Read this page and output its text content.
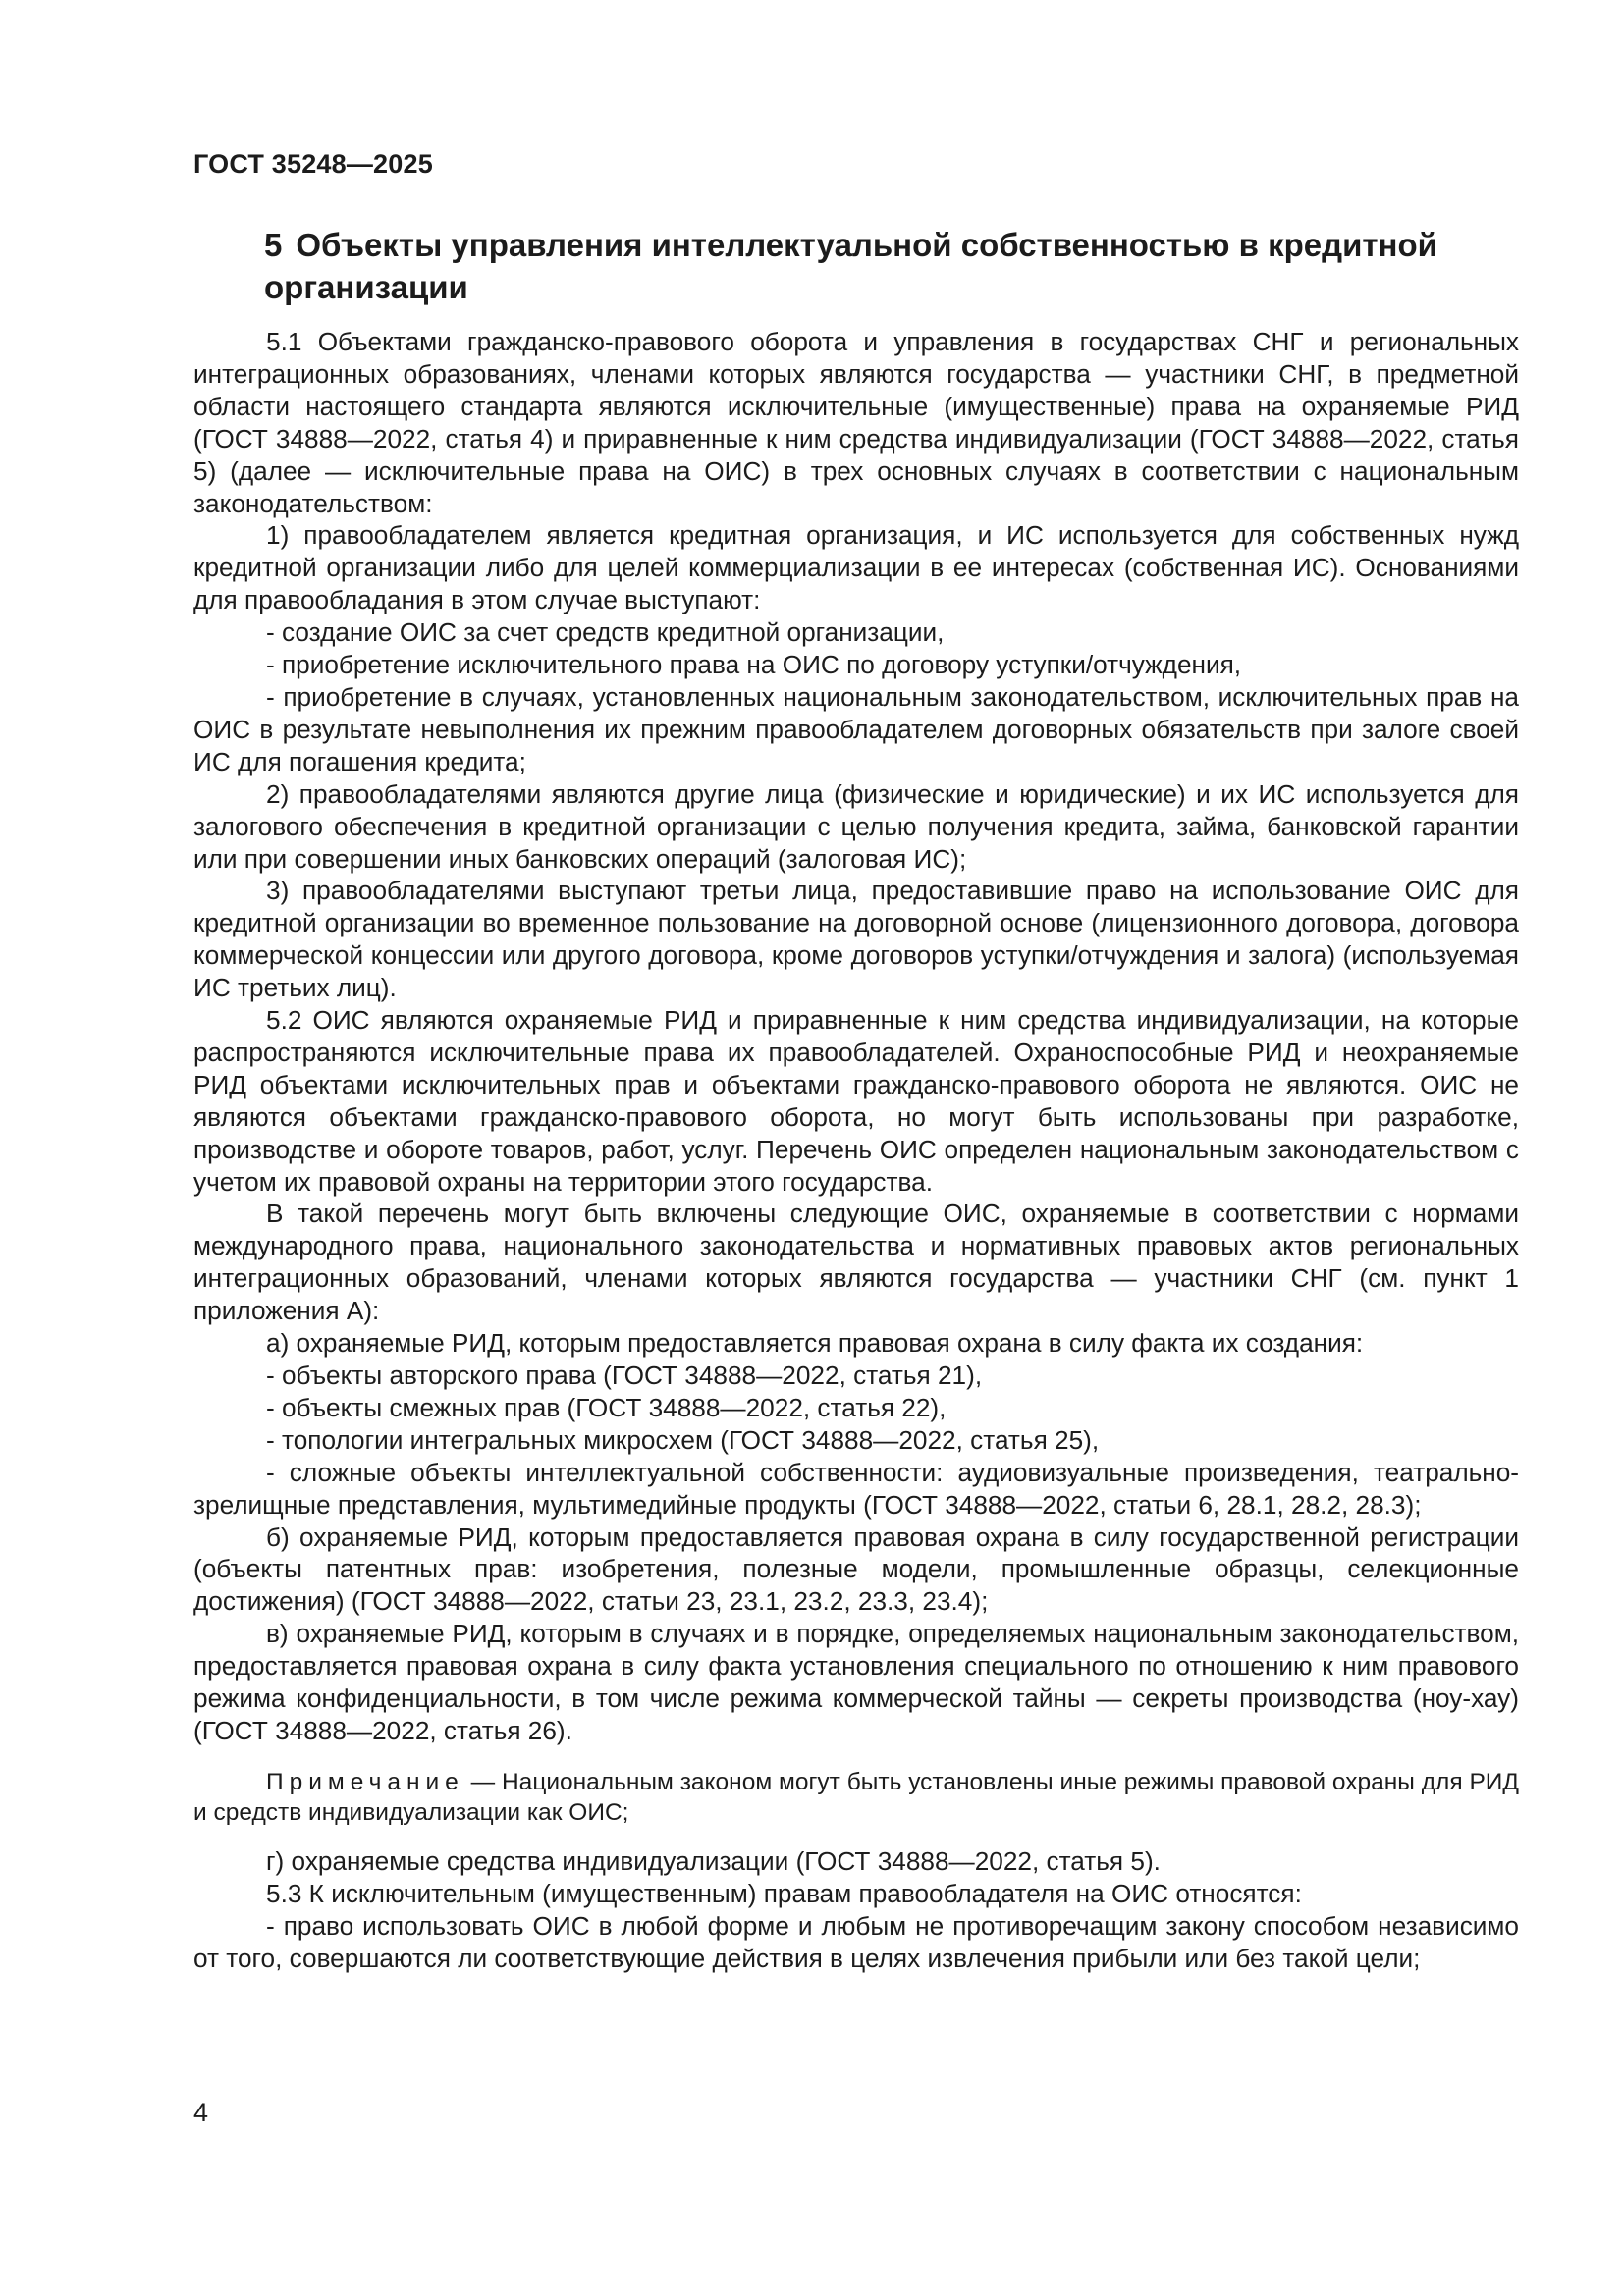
ГОСТ 35248—2025
5 Объекты управления интеллектуальной собственностью в кредитной организации

5.1 Объектами гражданско-правового оборота и управления в государствах СНГ и региональных интеграционных образованиях, членами которых являются государства — участники СНГ, в предметной области настоящего стандарта являются исключительные (имущественные) права на охраняемые РИД (ГОСТ 34888—2022, статья 4) и приравненные к ним средства индивидуализации (ГОСТ 34888—2022, статья 5) (далее — исключительные права на ОИС) в трех основных случаях в соответствии с национальным законодательством:

1) правообладателем является кредитная организация, и ИС используется для собственных нужд кредитной организации либо для целей коммерциализации в ее интересах (собственная ИС). Основаниями для правообладания в этом случае выступают:

- создание ОИС за счет средств кредитной организации,

- приобретение исключительного права на ОИС по договору уступки/отчуждения,

- приобретение в случаях, установленных национальным законодательством, исключительных прав на ОИС в результате невыполнения их прежним правообладателем договорных обязательств при залоге своей ИС для погашения кредита;

2) правообладателями являются другие лица (физические и юридические) и их ИС используется для залогового обеспечения в кредитной организации с целью получения кредита, займа, банковской гарантии или при совершении иных банковских операций (залоговая ИС);

3) правообладателями выступают третьи лица, предоставившие право на использование ОИС для кредитной организации во временное пользование на договорной основе (лицензионного договора, договора коммерческой концессии или другого договора, кроме договоров уступки/отчуждения и залога) (используемая ИС третьих лиц).

5.2 ОИС являются охраняемые РИД и приравненные к ним средства индивидуализации, на которые распространяются исключительные права их правообладателей. Охраноспособные РИД и неохраняемые РИД объектами исключительных прав и объектами гражданско-правового оборота не являются. ОИС не являются объектами гражданско-правового оборота, но могут быть использованы при разработке, производстве и обороте товаров, работ, услуг. Перечень ОИС определен национальным законодательством с учетом их правовой охраны на территории этого государства.

В такой перечень могут быть включены следующие ОИС, охраняемые в соответствии с нормами международного права, национального законодательства и нормативных правовых актов региональных интеграционных образований, членами которых являются государства — участники СНГ (см. пункт 1 приложения А):

а) охраняемые РИД, которым предоставляется правовая охрана в силу факта их создания:

- объекты авторского права (ГОСТ 34888—2022, статья 21),

- объекты смежных прав (ГОСТ 34888—2022, статья 22),

- топологии интегральных микросхем (ГОСТ 34888—2022, статья 25),

- сложные объекты интеллектуальной собственности: аудиовизуальные произведения, театрально-зрелищные представления, мультимедийные продукты (ГОСТ 34888—2022, статьи 6, 28.1, 28.2, 28.3);

б) охраняемые РИД, которым предоставляется правовая охрана в силу государственной регистрации (объекты патентных прав: изобретения, полезные модели, промышленные образцы, селекционные достижения) (ГОСТ 34888—2022, статьи 23, 23.1, 23.2, 23.3, 23.4);

в) охраняемые РИД, которым в случаях и в порядке, определяемых национальным законодательством, предоставляется правовая охрана в силу факта установления специального по отношению к ним правового режима конфиденциальности, в том числе режима коммерческой тайны — секреты производства (ноу-хау) (ГОСТ 34888—2022, статья 26).

Примечание — Национальным законом могут быть установлены иные режимы правовой охраны для РИД и средств индивидуализации как ОИС;

г) охраняемые средства индивидуализации (ГОСТ 34888—2022, статья 5).

5.3 К исключительным (имущественным) правам правообладателя на ОИС относятся:

- право использовать ОИС в любой форме и любым не противоречащим закону способом независимо от того, совершаются ли соответствующие действия в целях извлечения прибыли или без такой цели;

4
